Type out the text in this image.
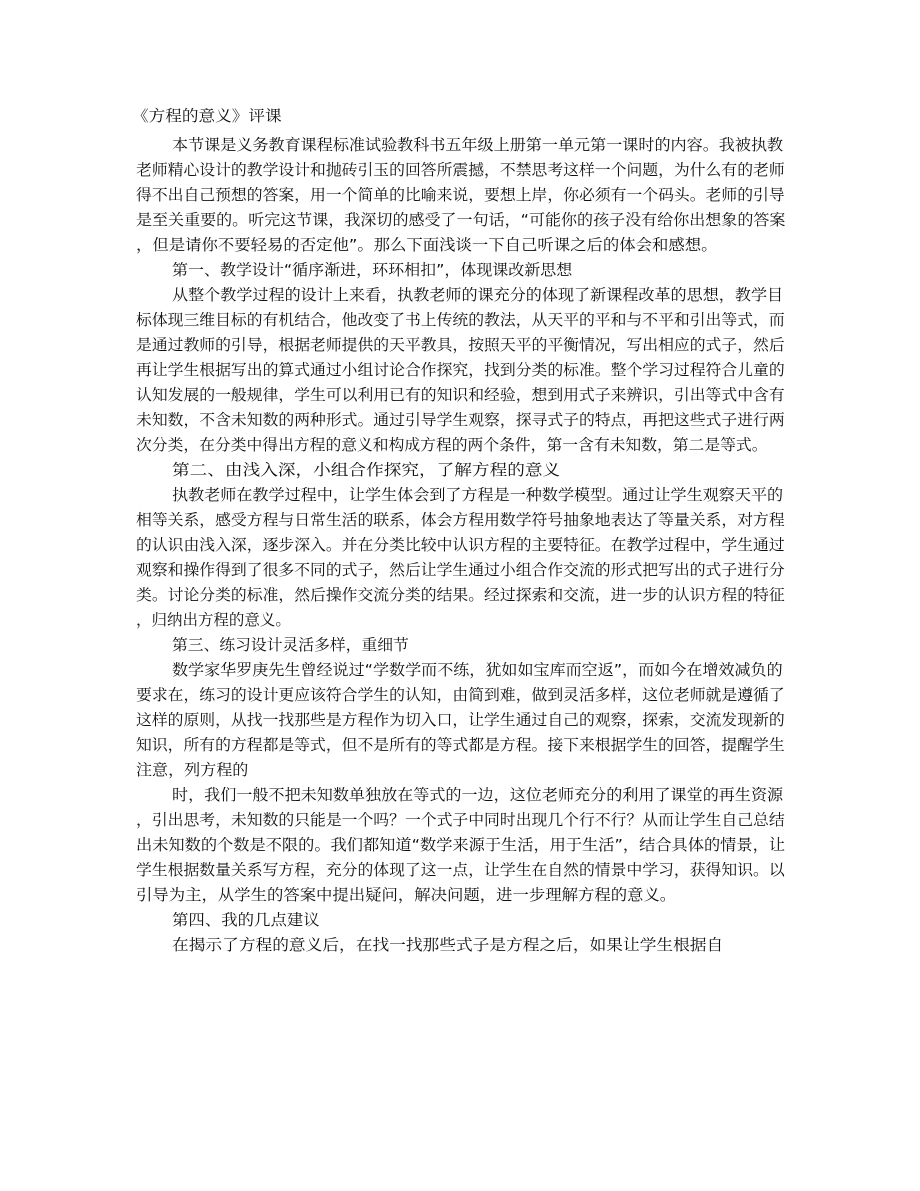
《方程的意义》评课
本节课是义务教育课程标准试验教科书五年级上册第一单元第一课时的内容。我被执教
老师精心设计的教学设计和抛砖引玉的回答所震撼，不禁思考这样一个问题，为什么有的老师
得不出自己预想的答案，用一个简单的比喻来说，要想上岸，你必须有一个码头。老师的引导
是至关重要的。听完这节课，我深切的感受了一句话，“可能你的孩子没有给你出想象的答案
，但是请你不要轻易的否定他”。那么下面浅谈一下自己听课之后的体会和感想。
第一、教学设计“循序渐进，环环相扣”，体现课改新思想
从整个教学过程的设计上来看，执教老师的课充分的体现了新课程改革的思想，教学目
标体现三维目标的有机结合，他改变了书上传统的教法，从天平的平和与不平和引出等式，而
是通过教师的引导，根据老师提供的天平教具，按照天平的平衡情况，写出相应的式子，然后
再让学生根据写出的算式通过小组讨论合作探究，找到分类的标准。整个学习过程符合儿童的
认知发展的一般规律，学生可以利用已有的知识和经验，想到用式子来辨识，引出等式中含有
未知数，不含未知数的两种形式。通过引导学生观察，探寻式子的特点，再把这些式子进行两
次分类，在分类中得出方程的意义和构成方程的两个条件，第一含有未知数，第二是等式。
第二、由浅入深，小组合作探究，了解方程的意义
执教老师在教学过程中，让学生体会到了方程是一种数学模型。通过让学生观察天平的
相等关系，感受方程与日常生活的联系，体会方程用数学符号抽象地表达了等量关系，对方程
的认识由浅入深，逐步深入。并在分类比较中认识方程的主要特征。在教学过程中，学生通过
观察和操作得到了很多不同的式子，然后让学生通过小组合作交流的形式把写出的式子进行分
类。讨论分类的标准，然后操作交流分类的结果。经过探索和交流，进一步的认识方程的特征
，归纳出方程的意义。
第三、练习设计灵活多样，重细节
数学家华罗庚先生曾经说过“学数学而不练，犹如如宝库而空返”，而如今在增效减负的
要求在，练习的设计更应该符合学生的认知，由简到难，做到灵活多样，这位老师就是遵循了
这样的原则，从找一找那些是方程作为切入口，让学生通过自己的观察，探索，交流发现新的
知识，所有的方程都是等式，但不是所有的等式都是方程。接下来根据学生的回答，提醒学生
注意，列方程的
时，我们一般不把未知数单独放在等式的一边，这位老师充分的利用了课堂的再生资源
，引出思考，未知数的只能是一个吗？一个式子中同时出现几个行不行？从而让学生自己总结
出未知数的个数是不限的。我们都知道“数学来源于生活，用于生活”，结合具体的情景，让
学生根据数量关系写方程，充分的体现了这一点，让学生在自然的情景中学习，获得知识。以
引导为主，从学生的答案中提出疑问，解决问题，进一步理解方程的意义。
第四、我的几点建议
在揭示了方程的意义后，在找一找那些式子是方程之后，如果让学生根据自
